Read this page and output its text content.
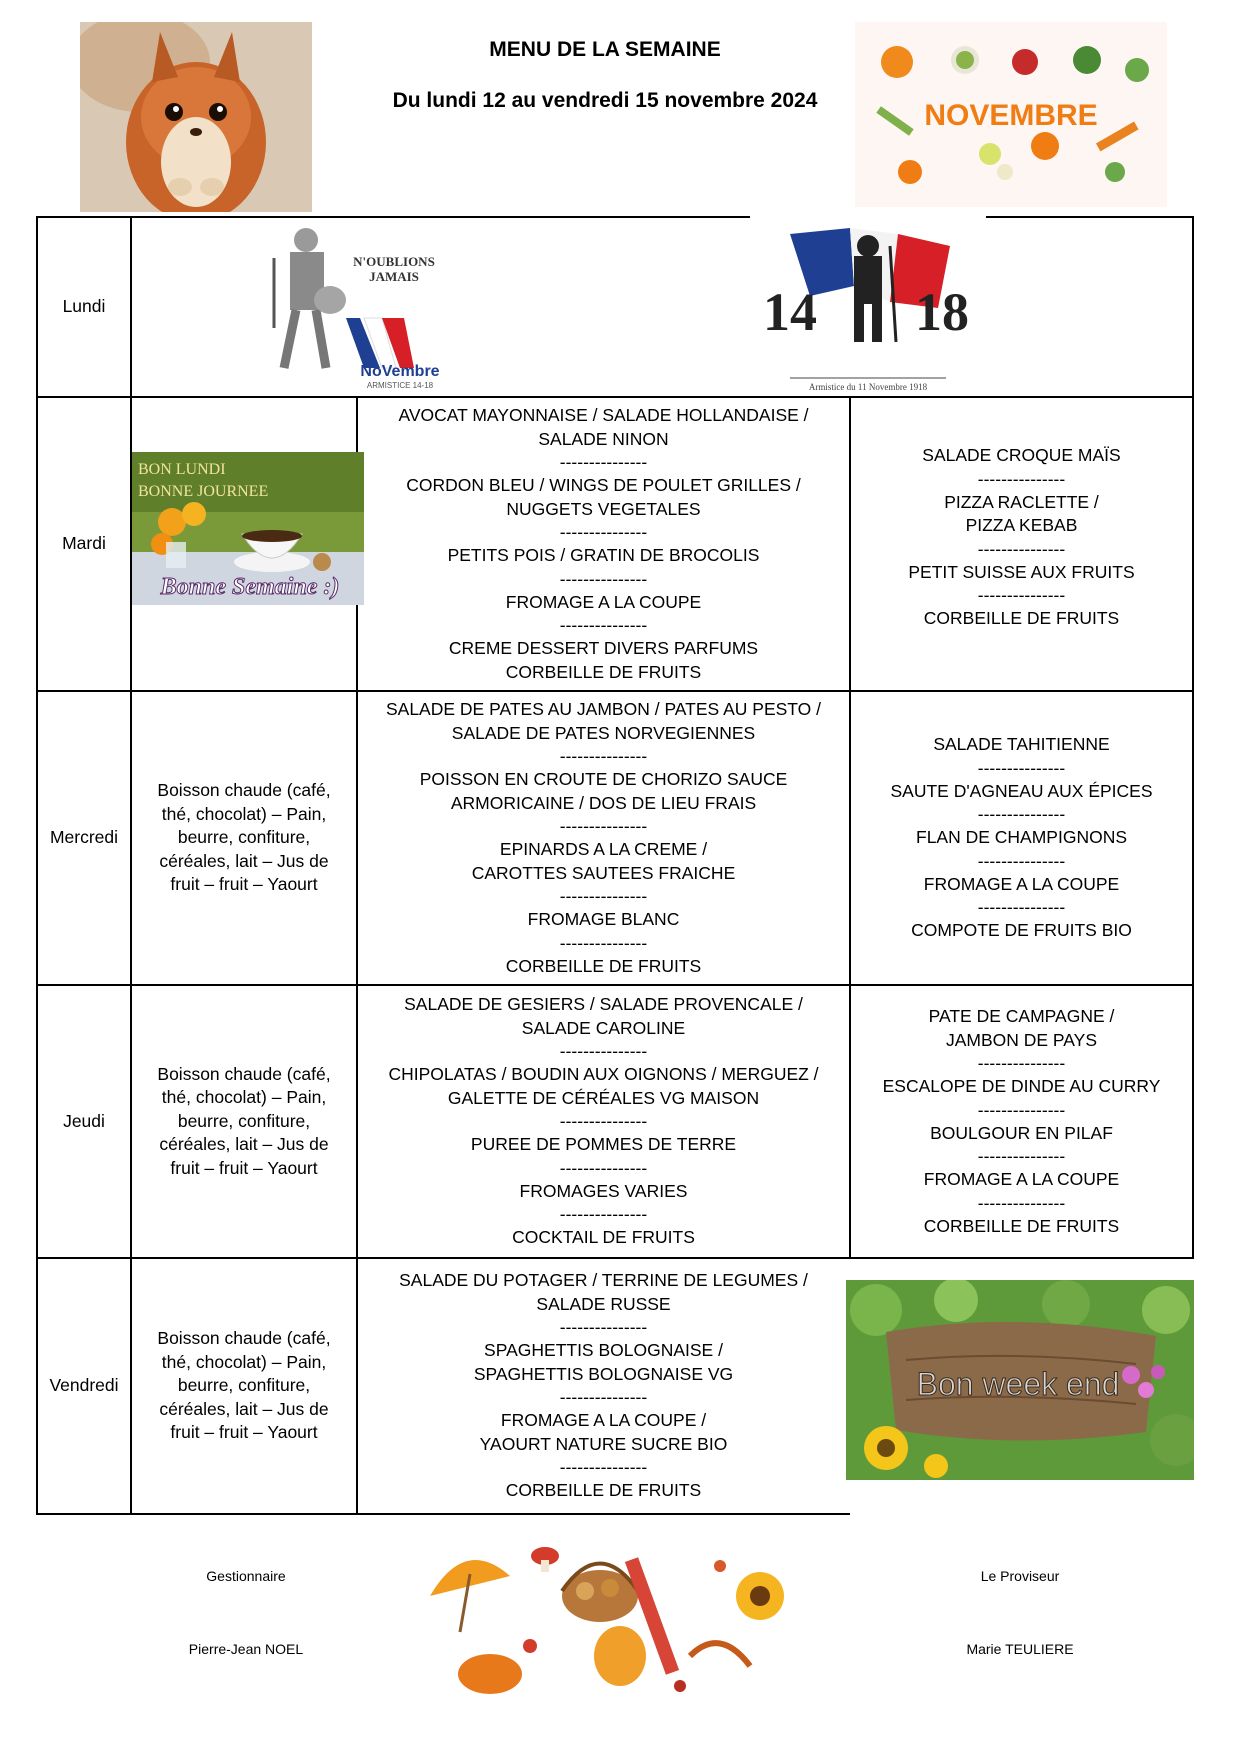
MENU DE LA SEMAINE
Du lundi 12 au vendredi 15 novembre 2024	NOVEMBRE
Lundi
N'OUBLIONS
JAMAIS
NoVembre
ARMISTICE 14-18
14 18
Armistice du 11 Novembre 1918
Mardi
BON LUNDI
BONNE JOURNEE
Bonne Semaine :)
AVOCAT MAYONNAISE / SALADE HOLLANDAISE / SALADE NINON
---------------
CORDON BLEU / WINGS DE POULET GRILLES / NUGGETS VEGETALES
---------------
PETITS POIS / GRATIN DE BROCOLIS
---------------
FROMAGE A LA COUPE
---------------
CREME DESSERT DIVERS PARFUMS
CORBEILLE DE FRUITS
SALADE CROQUE MAÏS
---------------
PIZZA RACLETTE /
PIZZA KEBAB
---------------
PETIT SUISSE AUX FRUITS
---------------
CORBEILLE DE FRUITS
Mercredi
Boisson chaude (café, thé, chocolat) – Pain, beurre, confiture, céréales, lait – Jus de fruit – fruit – Yaourt
SALADE DE PATES AU JAMBON / PATES AU PESTO / SALADE DE PATES NORVEGIENNES
---------------
POISSON EN CROUTE DE CHORIZO SAUCE ARMORICAINE / DOS DE LIEU FRAIS
---------------
EPINARDS A LA CREME /
CAROTTES SAUTEES FRAICHE
---------------
FROMAGE BLANC
---------------
CORBEILLE DE FRUITS
SALADE TAHITIENNE
---------------
SAUTE D'AGNEAU AUX ÉPICES
---------------
FLAN DE CHAMPIGNONS
---------------
FROMAGE A LA COUPE
---------------
COMPOTE DE FRUITS BIO
Jeudi
Boisson chaude (café, thé, chocolat) – Pain, beurre, confiture, céréales, lait – Jus de fruit – fruit – Yaourt
SALADE DE GESIERS / SALADE PROVENCALE / SALADE CAROLINE
---------------
CHIPOLATAS / BOUDIN AUX OIGNONS / MERGUEZ / GALETTE DE CÉRÉALES VG MAISON
---------------
PUREE DE POMMES DE TERRE
---------------
FROMAGES VARIES
---------------
COCKTAIL DE FRUITS
PATE DE CAMPAGNE /
JAMBON DE PAYS
---------------
ESCALOPE DE DINDE AU CURRY
---------------
BOULGOUR EN PILAF
---------------
FROMAGE A LA COUPE
---------------
CORBEILLE DE FRUITS
Vendredi
Boisson chaude (café, thé, chocolat) – Pain, beurre, confiture, céréales, lait – Jus de fruit – fruit – Yaourt
SALADE DU POTAGER / TERRINE DE LEGUMES / SALADE RUSSE
---------------
SPAGHETTIS BOLOGNAISE /
SPAGHETTIS BOLOGNAISE VG
---------------
FROMAGE A LA COUPE /
YAOURT NATURE SUCRE BIO
---------------
CORBEILLE DE FRUITS
Bon week end
Gestionnaire
Pierre-Jean NOEL
Le Proviseur
Marie TEULIERE
